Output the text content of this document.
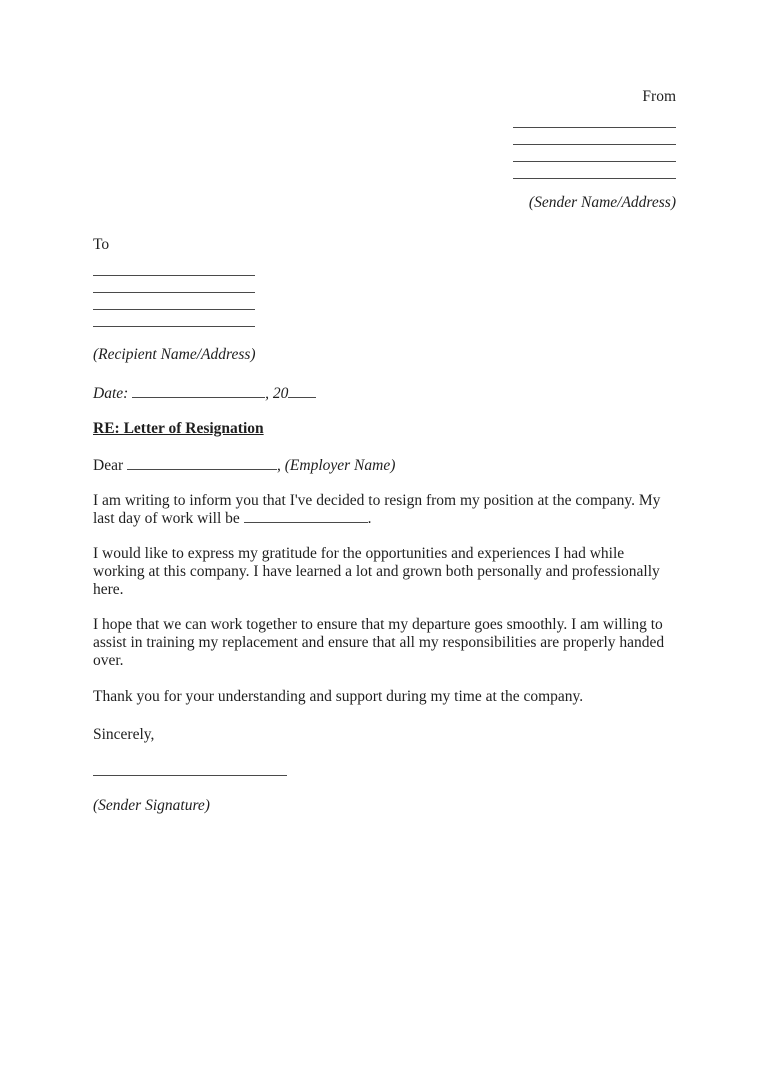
From
(Sender Name/Address)
To
(Recipient Name/Address)
Date:	, 20
RE: Letter of Resignation
Dear	, (Employer Name)
I am writing to inform you that I've decided to resign from my position at the company. My last day of work will be	.
I would like to express my gratitude for the opportunities and experiences I had while working at this company. I have learned a lot and grown both personally and professionally here.
I hope that we can work together to ensure that my departure goes smoothly. I am willing to assist in training my replacement and ensure that all my responsibilities are properly handed over.
Thank you for your understanding and support during my time at the company.
Sincerely,
(Sender Signature)
